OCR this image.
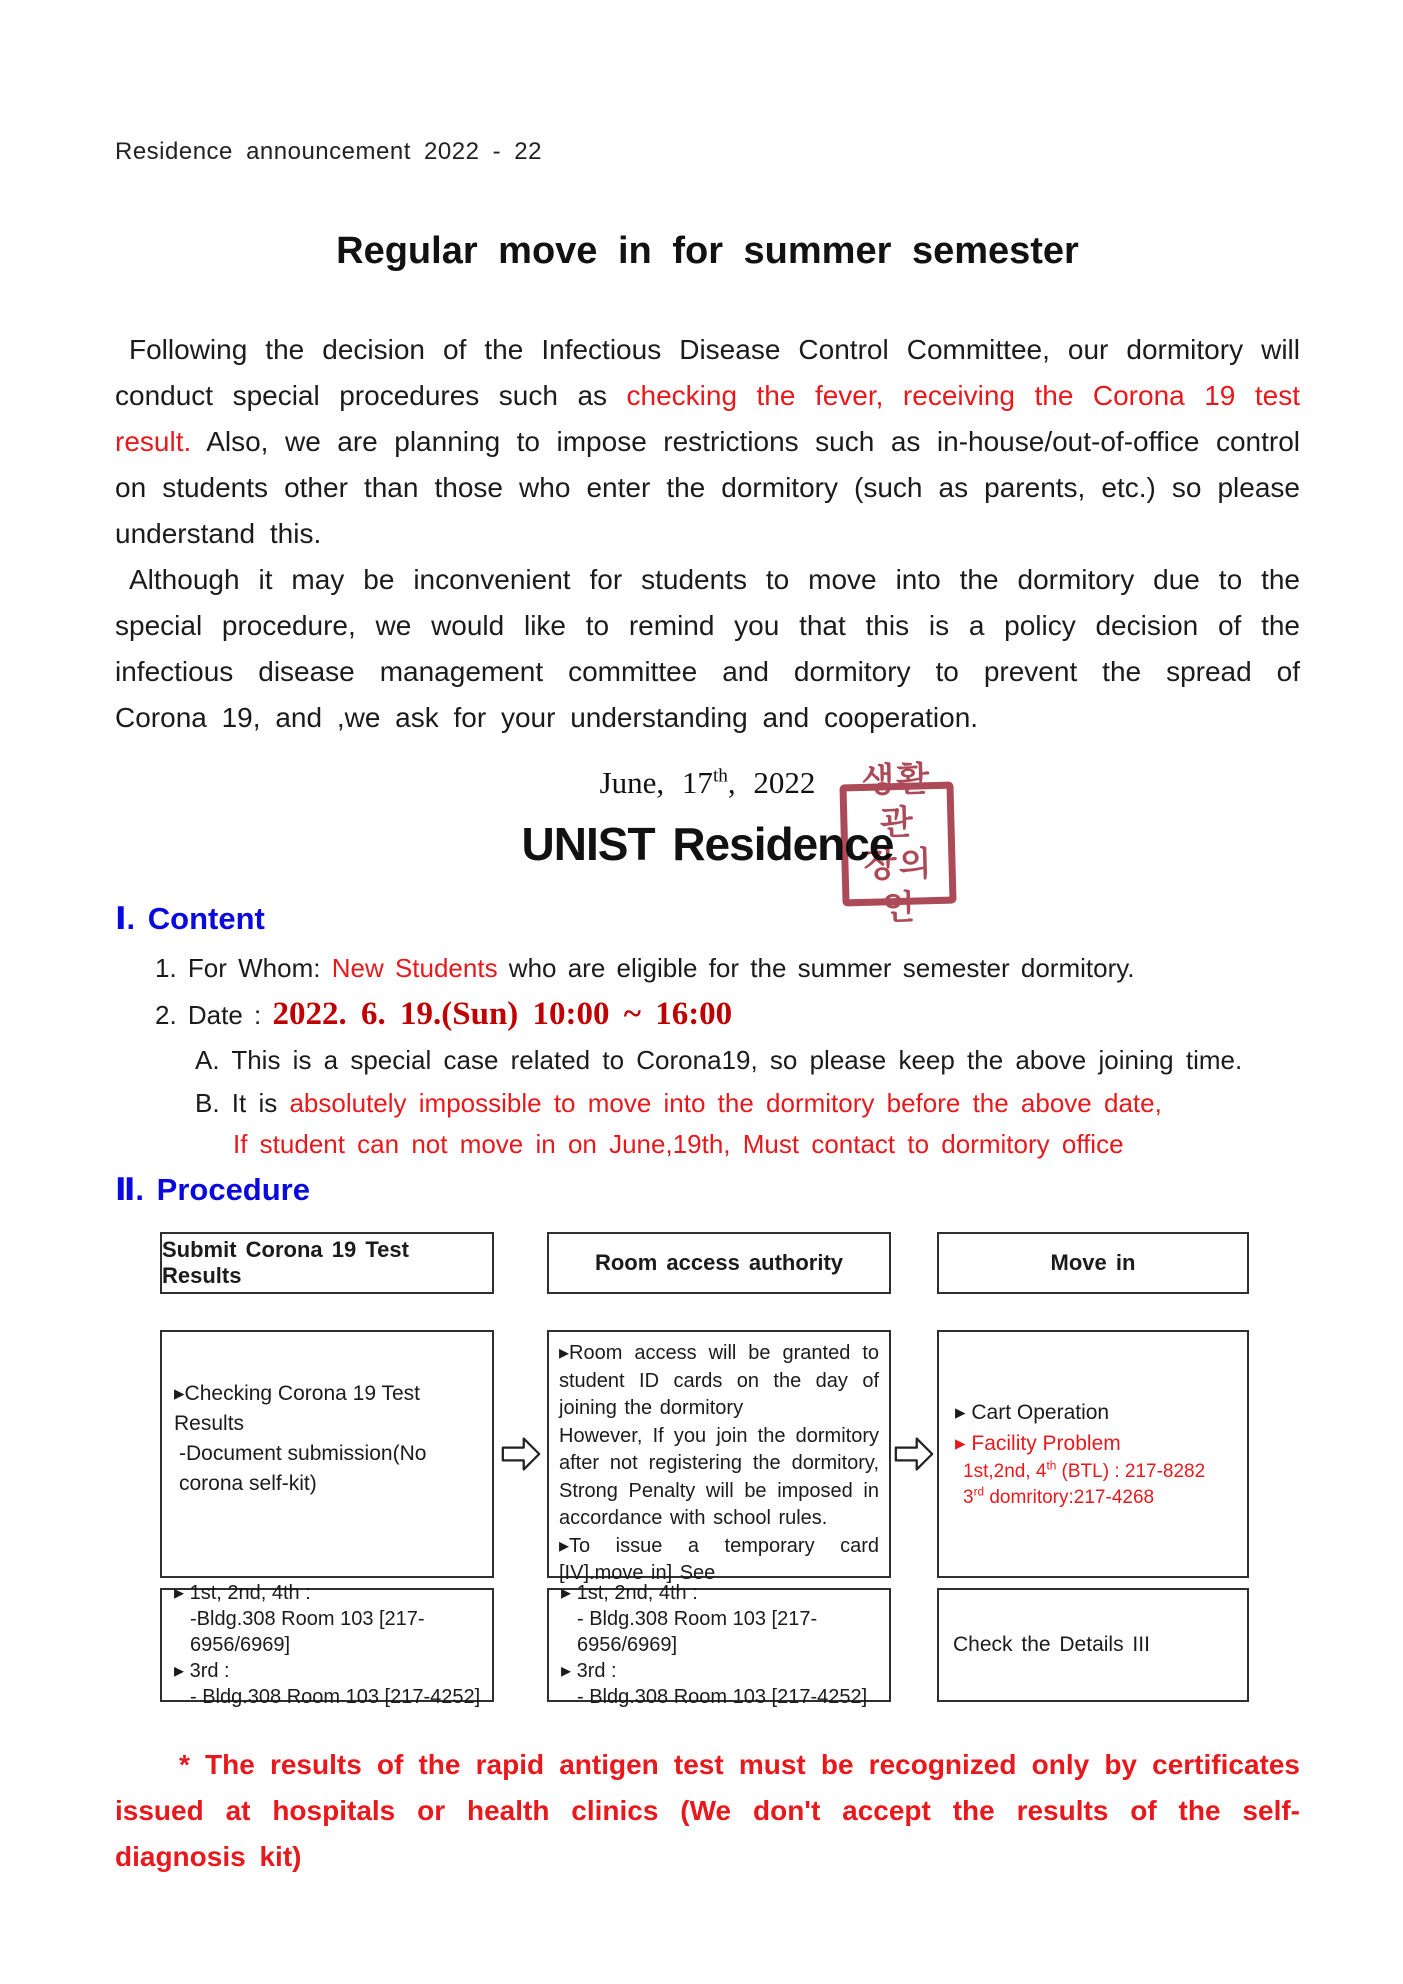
Residence announcement 2022 - 22
Regular move in for summer semester
Following the decision of the Infectious Disease Control Committee, our dormitory will conduct special procedures such as checking the fever, receiving the Corona 19 test result. Also, we are planning to impose restrictions such as in-house/out-of-office control on students other than those who enter the dormitory (such as parents, etc.) so please understand this.
Although it may be inconvenient for students to move into the dormitory due to the special procedure, we would like to remind you that this is a policy decision of the infectious disease management committee and dormitory to prevent the spread of Corona 19, and ,we ask for your understanding and cooperation.
June, 17th, 2022
UNIST Residence
생활관
장의인
Ⅰ. Content
1. For Whom: New Students who are eligible for the summer semester dormitory.
2. Date : 2022. 6. 19.(Sun) 10:00 ~ 16:00
A. This is a special case related to Corona19, so please keep the above joining time.
B. It is absolutely impossible to move into the dormitory before the above date,
If student can not move in on June,19th, Must contact to dormitory office
Ⅱ. Procedure
Submit Corona 19 Test Results
Room access authority	Move in
▸Checking Corona 19 Test Results
-Document submission(No corona self-kit)
▸Room access will be granted to student ID cards on the day of joining the dormitory
However, If you join the dormitory after not registering the dormitory, Strong Penalty will be imposed in accordance with school rules.
▸To issue a temporary card [IV].move in] See
▸ Cart Operation
▸ Facility Problem
1st,2nd, 4th (BTL) : 217-8282
3rd domritory:217-4268
▸ 1st, 2nd, 4th :
-Bldg.308 Room 103 [217-6956/6969]
▸ 3rd :
- Bldg.308 Room 103 [217-4252]
▸ 1st, 2nd, 4th :
- Bldg.308 Room 103 [217-6956/6969]
▸ 3rd :
- Bldg.308 Room 103 [217-4252]
Check the Details III
* The results of the rapid antigen test must be recognized only by certificates issued at hospitals or health clinics (We don't accept the results of the self-diagnosis kit)
